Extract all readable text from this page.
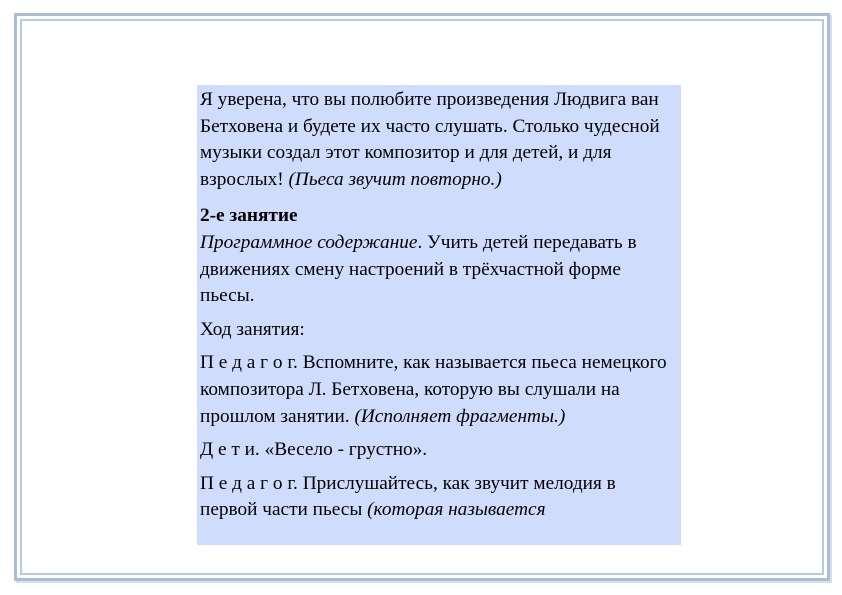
Я уверена, что вы полюбите произведения Людвига ван Бетховена и будете их часто слушать. Столько чудесной музыки создал этот композитор и для детей, и для взрослых! (Пьеса звучит повторно.)

2-е занятие

Программное содержание. Учить детей передавать в движениях смену настроений в трёхчастной форме пьесы.

Ход занятия:

П е д а г о г. Вспомните, как называется пьеса немецкого композитора Л. Бетховена, которую вы слушали на прошлом занятии. (Исполняет фрагменты.)

Д е т и. «Весело - грустно».

П е д а г о г. Прислушайтесь, как звучит мелодия в первой части пьесы (которая называется
